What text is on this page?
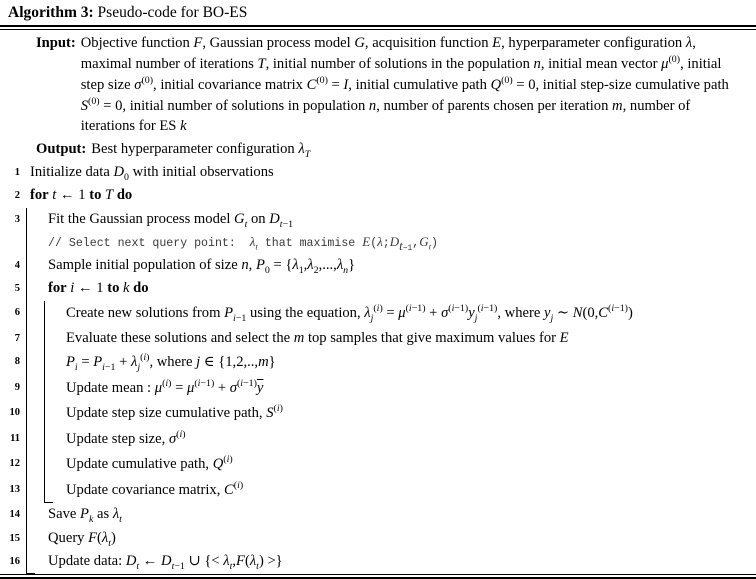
Algorithm 3: Pseudo-code for BO-ES
Input: Objective function F, Gaussian process model G, acquisition function E, hyperparameter configuration λ, maximal number of iterations T, initial number of solutions in the population n, initial mean vector $\mu^{(0)}$, initial step size $\sigma^{(0)}$, initial covariance matrix $C^{(0)} = I$, initial cumulative path $Q^{(0)} = 0$, initial step-size cumulative path $S^{(0)} = 0$, initial number of solutions in population n, number of parents chosen per iteration m, number of iterations for ES k
Output: Best hyperparameter configuration $\lambda_T$
1 Initialize data $D_0$ with initial observations
2 for t ← 1 to T do
3	Fit the Gaussian process model $G_t$ on $D_{t-1}$
// Select next query point:  $\lambda_t$ that maximise $E(\lambda;D_{t-1},G_t)$
4	Sample initial population of size n, $P_0 = \{\lambda_1,\lambda_2,...,\lambda_n\}$
5	for i ← 1 to k do
6	Create new solutions from $P_{i-1}$ using the equation, $\lambda_j^{(i)} = \mu^{(i-1)} + \sigma^{(i-1)}y_j^{(i-1)}$, where $y_j$ ∼ $N(0,C^{(i-1)})$
7	Evaluate these solutions and select the m top samples that give maximum values for E
8	$P_i = P_{i-1} + \lambda_j^{(i)}$, where j ∈ {1,2,..,m}
9	Update mean : $\mu^{(i)} = \mu^{(i-1)} + \sigma^{(i-1)}\overline{y}$
10	Update step size cumulative path, $S^{(i)}$
11	Update step size, $\sigma^{(i)}$
12	Update cumulative path, $Q^{(i)}$
13	Update covariance matrix, $C^{(i)}$
14	Save $P_k$ as $\lambda_t$
15	Query $F(\lambda_t)$
16	Update data: $D_t$ ← $D_{t-1}$ ∪ {< $\lambda_t,F(\lambda_t)$ >}
